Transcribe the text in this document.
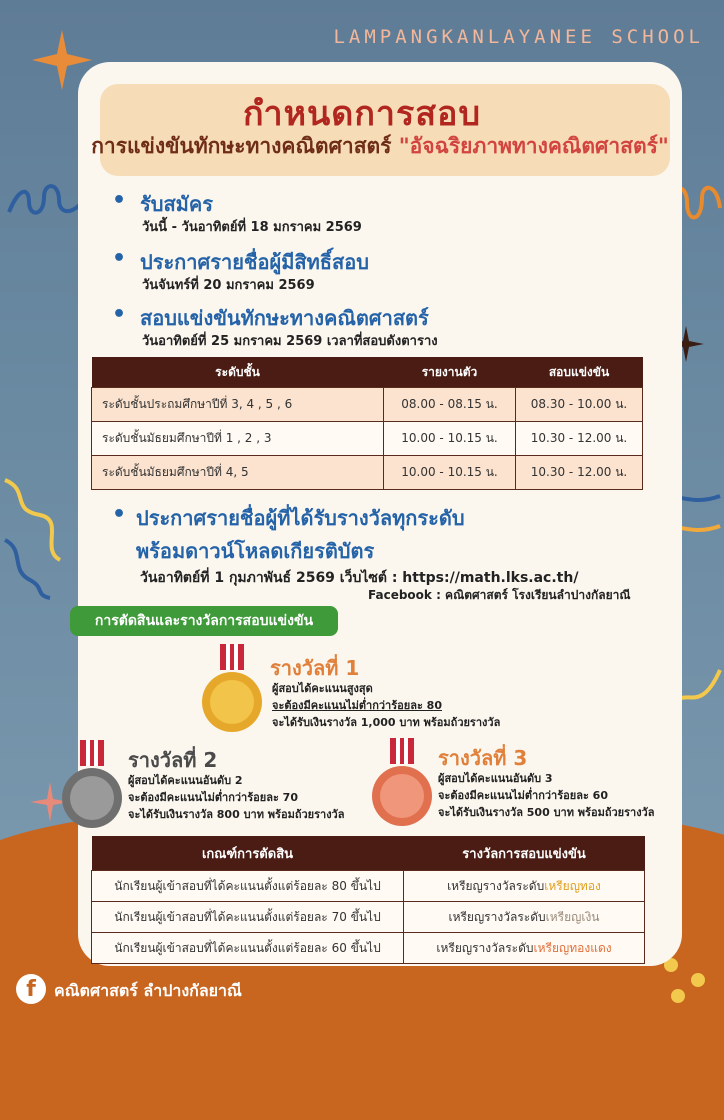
LAMPANGKANLAYANEE SCHOOL
กำหนดการสอบ
การแข่งขันทักษะทางคณิตศาสตร์ "อัจฉริยภาพทางคณิตศาสตร์"
• รับสมัคร
วันนี้ - วันอาทิตย์ที่ 18 มกราคม 2569
• ประกาศรายชื่อผู้มีสิทธิ์สอบ
วันจันทร์ที่ 20 มกราคม 2569
• สอบแข่งขันทักษะทางคณิตศาสตร์
วันอาทิตย์ที่ 25 มกราคม 2569 เวลาที่สอบดังตาราง
ระดับชั้น	รายงานตัว	สอบแข่งขัน
ระดับชั้นประถมศึกษาปีที่ 3, 4 , 5 , 6	08.00 - 08.15 น.	08.30 - 10.00 น.
ระดับชั้นมัธยมศึกษาปีที่ 1 , 2 , 3	10.00 - 10.15 น.	10.30 - 12.00 น.
ระดับชั้นมัธยมศึกษาปีที่ 4, 5	10.00 - 10.15 น.	10.30 - 12.00 น.
• ประกาศรายชื่อผู้ที่ได้รับรางวัลทุกระดับ
พร้อมดาวน์โหลดเกียรติบัตร
วันอาทิตย์ที่ 1 กุมภาพันธ์ 2569 เว็บไซต์ : https://math.lks.ac.th/
Facebook : คณิตศาสตร์ โรงเรียนลำปางกัลยาณี
การตัดสินและรางวัลการสอบแข่งขัน
รางวัลที่ 1
ผู้สอบได้คะแนนสูงสุด
จะต้องมีคะแนนไม่ต่ำกว่าร้อยละ 80
จะได้รับเงินรางวัล 1,000 บาท พร้อมถ้วยรางวัล
รางวัลที่ 2
ผู้สอบได้คะแนนอันดับ 2
จะต้องมีคะแนนไม่ต่ำกว่าร้อยละ 70
จะได้รับเงินรางวัล 800 บาท พร้อมถ้วยรางวัล
รางวัลที่ 3
ผู้สอบได้คะแนนอันดับ 3
จะต้องมีคะแนนไม่ต่ำกว่าร้อยละ 60
จะได้รับเงินรางวัล 500 บาท พร้อมถ้วยรางวัล
เกณฑ์การตัดสิน	รางวัลการสอบแข่งขัน
นักเรียนผู้เข้าสอบที่ได้คะแนนตั้งแต่ร้อยละ 80 ขึ้นไป	เหรียญรางวัลระดับเหรียญทอง
นักเรียนผู้เข้าสอบที่ได้คะแนนตั้งแต่ร้อยละ 70 ขึ้นไป	เหรียญรางวัลระดับเหรียญเงิน
นักเรียนผู้เข้าสอบที่ได้คะแนนตั้งแต่ร้อยละ 60 ขึ้นไป	เหรียญรางวัลระดับเหรียญทองแดง
f	คณิตศาสตร์ ลำปางกัลยาณี
